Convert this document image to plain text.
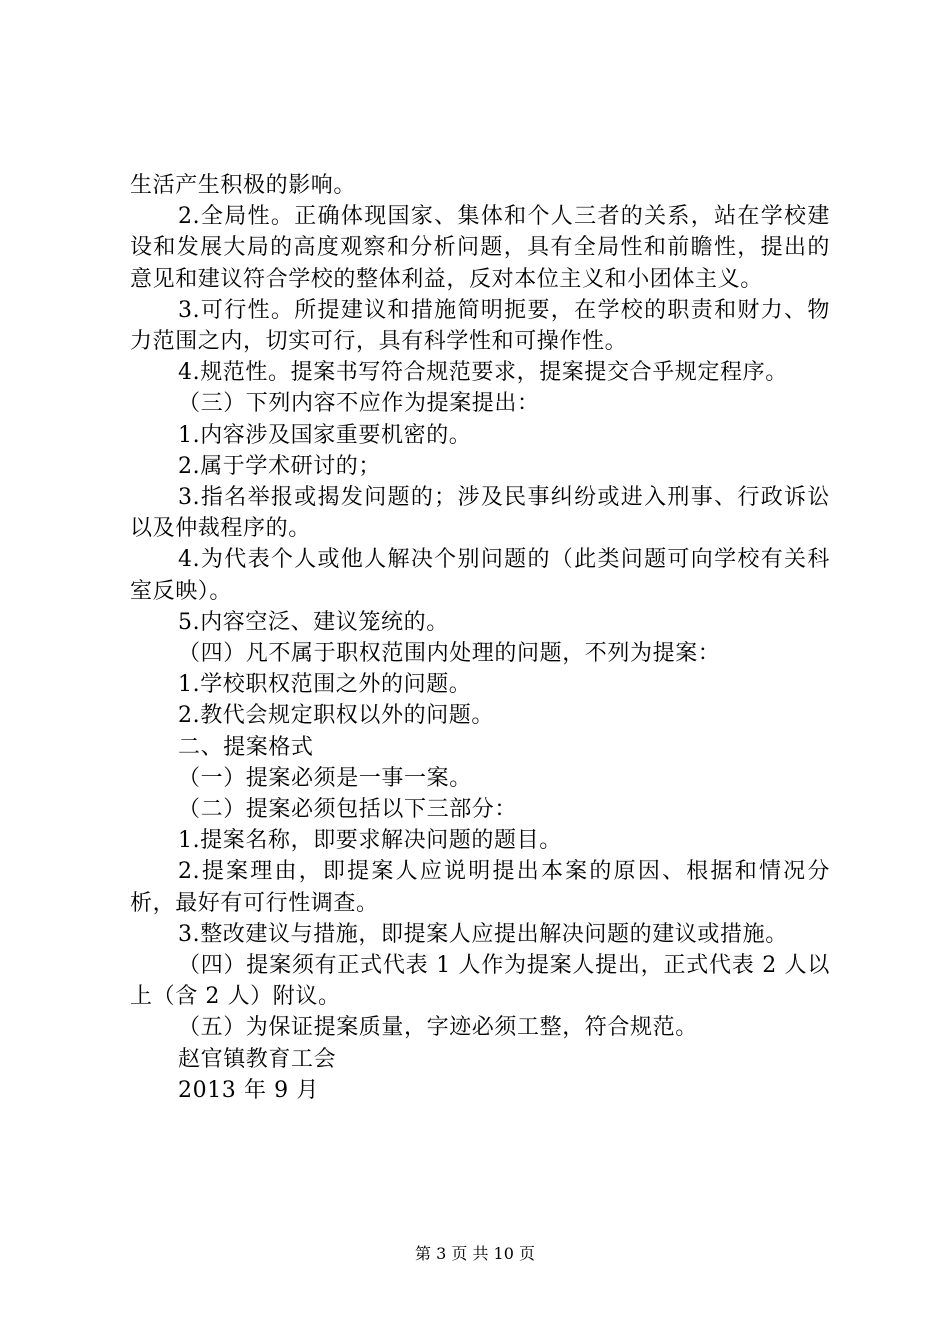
生活产生积极的影响。

2.全局性。正确体现国家、集体和个人三者的关系，站在学校建设和发展大局的高度观察和分析问题，具有全局性和前瞻性，提出的意见和建议符合学校的整体利益，反对本位主义和小团体主义。

3.可行性。所提建议和措施简明扼要，在学校的职责和财力、物力范围之内，切实可行，具有科学性和可操作性。

4.规范性。提案书写符合规范要求，提案提交合乎规定程序。

（三）下列内容不应作为提案提出：

1.内容涉及国家重要机密的。

2.属于学术研讨的；

3.指名举报或揭发问题的；涉及民事纠纷或进入刑事、行政诉讼以及仲裁程序的。

4.为代表个人或他人解决个别问题的（此类问题可向学校有关科室反映）。

5.内容空泛、建议笼统的。

（四）凡不属于职权范围内处理的问题，不列为提案：

1.学校职权范围之外的问题。

2.教代会规定职权以外的问题。

二、提案格式

（一）提案必须是一事一案。

（二）提案必须包括以下三部分：

1.提案名称，即要求解决问题的题目。

2.提案理由，即提案人应说明提出本案的原因、根据和情况分析，最好有可行性调查。

3.整改建议与措施，即提案人应提出解决问题的建议或措施。

（四）提案须有正式代表 1 人作为提案人提出，正式代表 2 人以上（含 2 人）附议。

（五）为保证提案质量，字迹必须工整，符合规范。

赵官镇教育工会

2013 年 9 月

第 3 页 共 10 页
